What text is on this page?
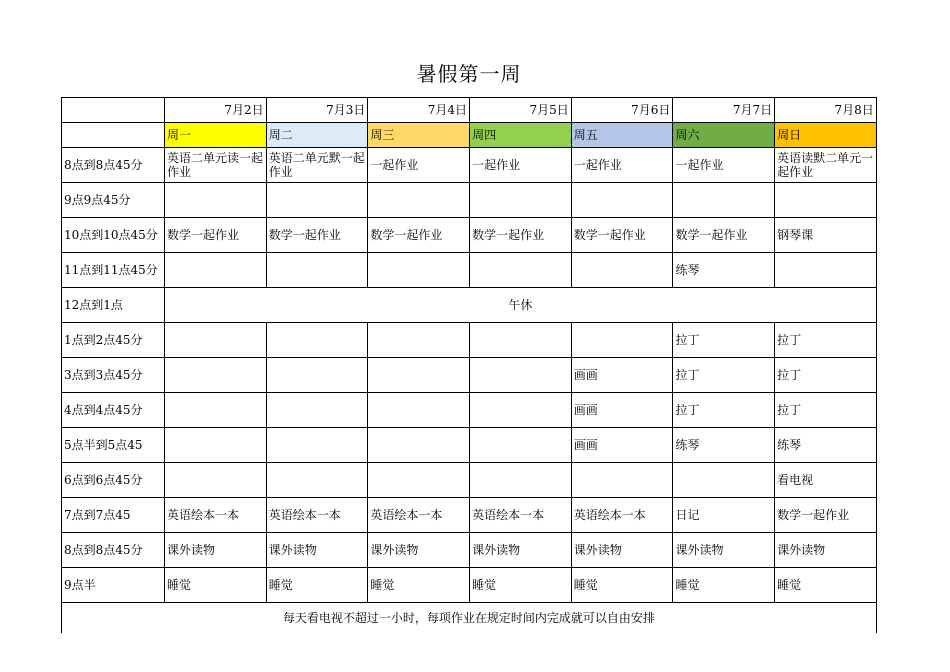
暑假第一周
	7月2日	7月3日	7月4日	7月5日	7月6日	7月7日	7月8日
	周一	周二	周三	周四	周五	周六	周日
8点到8点45分	英语二单元读一起作业	英语二单元默一起作业	一起作业	一起作业	一起作业	一起作业	英语读默二单元一起作业
9点9点45分							
10点到10点45分	数学一起作业	数学一起作业	数学一起作业	数学一起作业	数学一起作业	数学一起作业	钢琴课
11点到11点45分						练琴	
12点到1点	午休						
1点到2点45分						拉丁	拉丁
3点到3点45分					画画	拉丁	拉丁
4点到4点45分					画画	拉丁	拉丁
5点半到5点45					画画	练琴	练琴
6点到6点45分							看电视
7点到7点45	英语绘本一本	英语绘本一本	英语绘本一本	英语绘本一本	英语绘本一本	日记	数学一起作业
8点到8点45分	课外读物	课外读物	课外读物	课外读物	课外读物	课外读物	课外读物
9点半	睡觉	睡觉	睡觉	睡觉	睡觉	睡觉	睡觉
每天看电视不超过一小时，每项作业在规定时间内完成就可以自由安排							
